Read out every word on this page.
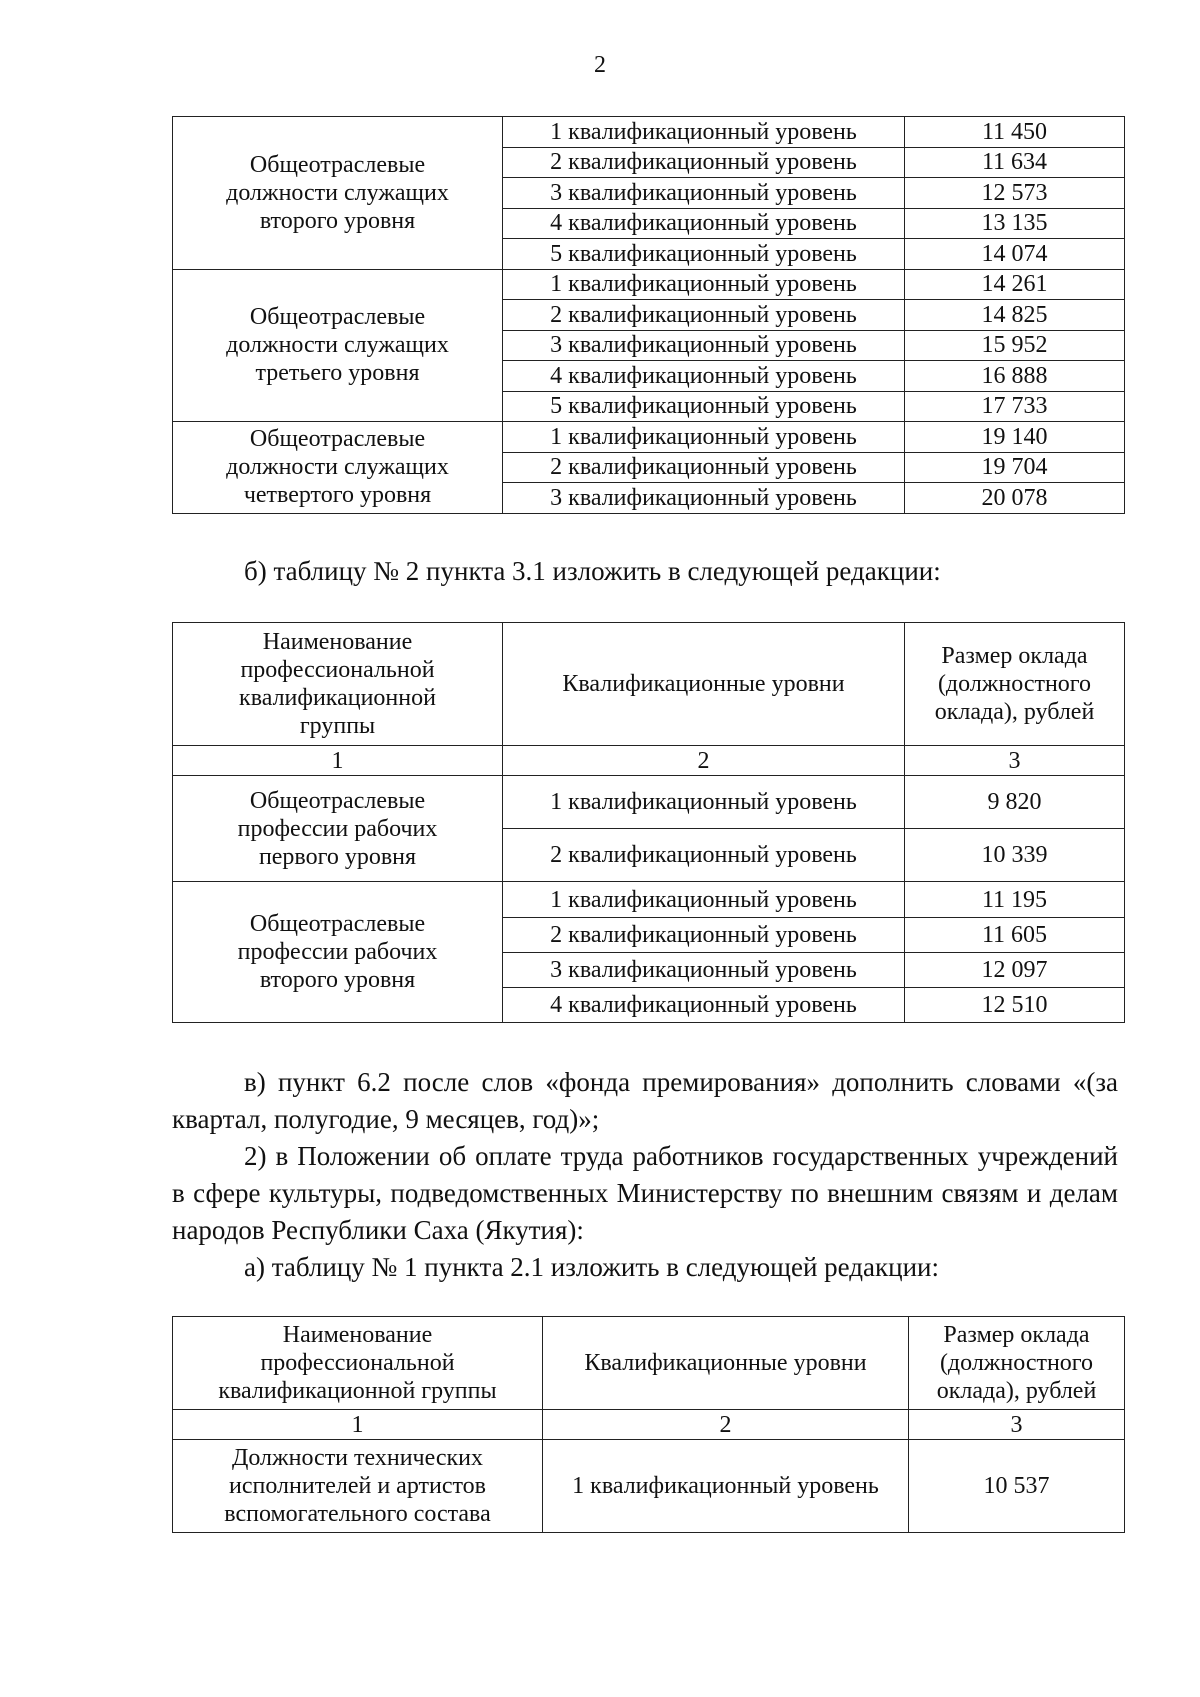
2
Общеотраслевые должности служащих второго уровня	1 квалификационный уровень	11 450
	2 квалификационный уровень	11 634
	3 квалификационный уровень	12 573
	4 квалификационный уровень	13 135
	5 квалификационный уровень	14 074
Общеотраслевые должности служащих третьего уровня	1 квалификационный уровень	14 261
	2 квалификационный уровень	14 825
	3 квалификационный уровень	15 952
	4 квалификационный уровень	16 888
	5 квалификационный уровень	17 733
Общеотраслевые должности служащих четвертого уровня	1 квалификационный уровень	19 140
	2 квалификационный уровень	19 704
	3 квалификационный уровень	20 078
б) таблицу № 2 пункта 3.1 изложить в следующей редакции:
Наименование профессиональной квалификационной группы	Квалификационные уровни	Размер оклада (должностного оклада), рублей
1	2	3
Общеотраслевые профессии рабочих первого уровня	1 квалификационный уровень	9 820
	2 квалификационный уровень	10 339
Общеотраслевые профессии рабочих второго уровня	1 квалификационный уровень	11 195
	2 квалификационный уровень	11 605
	3 квалификационный уровень	12 097
	4 квалификационный уровень	12 510
в) пункт 6.2 после слов «фонда премирования» дополнить словами «(за квартал, полугодие, 9 месяцев, год)»;
2) в Положении об оплате труда работников государственных учреждений в сфере культуры, подведомственных Министерству по внешним связям и делам народов Республики Саха (Якутия):
а) таблицу № 1 пункта 2.1 изложить в следующей редакции:
Наименование профессиональной квалификационной группы	Квалификационные уровни	Размер оклада (должностного оклада), рублей
1	2	3
Должности технических исполнителей и артистов вспомогательного состава	1 квалификационный уровень	10 537
